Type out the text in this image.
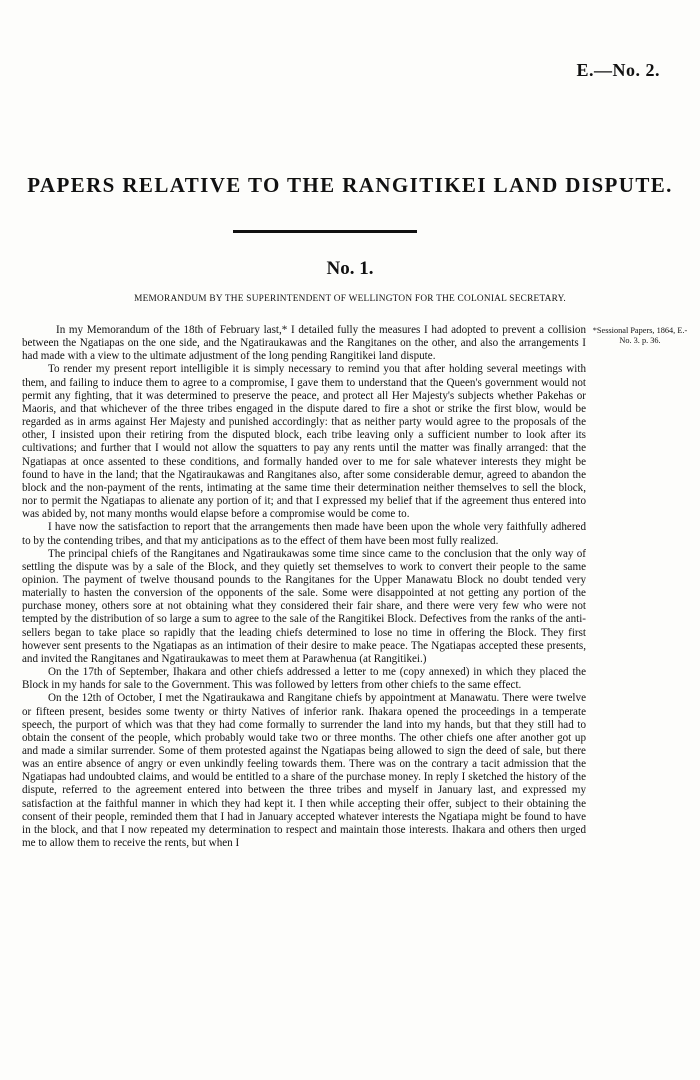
E.—No. 2.
PAPERS RELATIVE TO THE RANGITIKEI LAND DISPUTE.
No. 1.
MEMORANDUM BY THE SUPERINTENDENT OF WELLINGTON FOR THE COLONIAL SECRETARY.
*Sessional Papers, 1864, E.-No. 3. p. 36.

In my Memorandum of the 18th of February last,* I detailed fully the measures I had adopted to prevent a collision between the Ngatiapas on the one side, and the Ngatiraukawas and the Rangitanes on the other, and also the arrangements I had made with a view to the ultimate adjustment of the long pending Rangitikei land dispute.

To render my present report intelligible it is simply necessary to remind you that after holding several meetings with them, and failing to induce them to agree to a compromise, I gave them to understand that the Queen's government would not permit any fighting, that it was determined to preserve the peace, and protect all Her Majesty's subjects whether Pakehas or Maoris, and that whichever of the three tribes engaged in the dispute dared to fire a shot or strike the first blow, would be regarded as in arms against Her Majesty and punished accordingly: that as neither party would agree to the proposals of the other, I insisted upon their retiring from the disputed block, each tribe leaving only a sufficient number to look after its cultivations; and further that I would not allow the squatters to pay any rents until the matter was finally arranged: that the Ngatiapas at once assented to these conditions, and formally handed over to me for sale whatever interests they might be found to have in the land; that the Ngatiraukawas and Rangitanes also, after some considerable demur, agreed to abandon the block and the non-payment of the rents, intimating at the same time their determination neither themselves to sell the block, nor to permit the Ngatiapas to alienate any portion of it; and that I expressed my belief that if the agreement thus entered into was abided by, not many months would elapse before a compromise would be come to.

I have now the satisfaction to report that the arrangements then made have been upon the whole very faithfully adhered to by the contending tribes, and that my anticipations as to the effect of them have been most fully realized.

The principal chiefs of the Rangitanes and Ngatiraukawas some time since came to the conclusion that the only way of settling the dispute was by a sale of the Block, and they quietly set themselves to work to convert their people to the same opinion. The payment of twelve thousand pounds to the Rangitanes for the Upper Manawatu Block no doubt tended very materially to hasten the conversion of the opponents of the sale. Some were disappointed at not getting any portion of the purchase money, others sore at not obtaining what they considered their fair share, and there were very few who were not tempted by the distribution of so large a sum to agree to the sale of the Rangitikei Block. Defectives from the ranks of the anti-sellers began to take place so rapidly that the leading chiefs determined to lose no time in offering the Block. They first however sent presents to the Ngatiapas as an intimation of their desire to make peace. The Ngatiapas accepted these presents, and invited the Rangitanes and Ngatiraukawas to meet them at Parawhenua (at Rangitikei.)

On the 17th of September, Ihakara and other chiefs addressed a letter to me (copy annexed) in which they placed the Block in my hands for sale to the Government. This was followed by letters from other chiefs to the same effect.

On the 12th of October, I met the Ngatiraukawa and Rangitane chiefs by appointment at Manawatu. There were twelve or fifteen present, besides some twenty or thirty Natives of inferior rank. Ihakara opened the proceedings in a temperate speech, the purport of which was that they had come formally to surrender the land into my hands, but that they still had to obtain the consent of the people, which probably would take two or three months. The other chiefs one after another got up and made a similar surrender. Some of them protested against the Ngatiapas being allowed to sign the deed of sale, but there was an entire absence of angry or even unkindly feeling towards them. There was on the contrary a tacit admission that the Ngatiapas had undoubted claims, and would be entitled to a share of the purchase money. In reply I sketched the history of the dispute, referred to the agreement entered into between the three tribes and myself in January last, and expressed my satisfaction at the faithful manner in which they had kept it. I then while accepting their offer, subject to their obtaining the consent of their people, reminded them that I had in January accepted whatever interests the Ngatiapa might be found to have in the block, and that I now repeated my determination to respect and maintain those interests. Ihakara and others then urged me to allow them to receive the rents, but when I
